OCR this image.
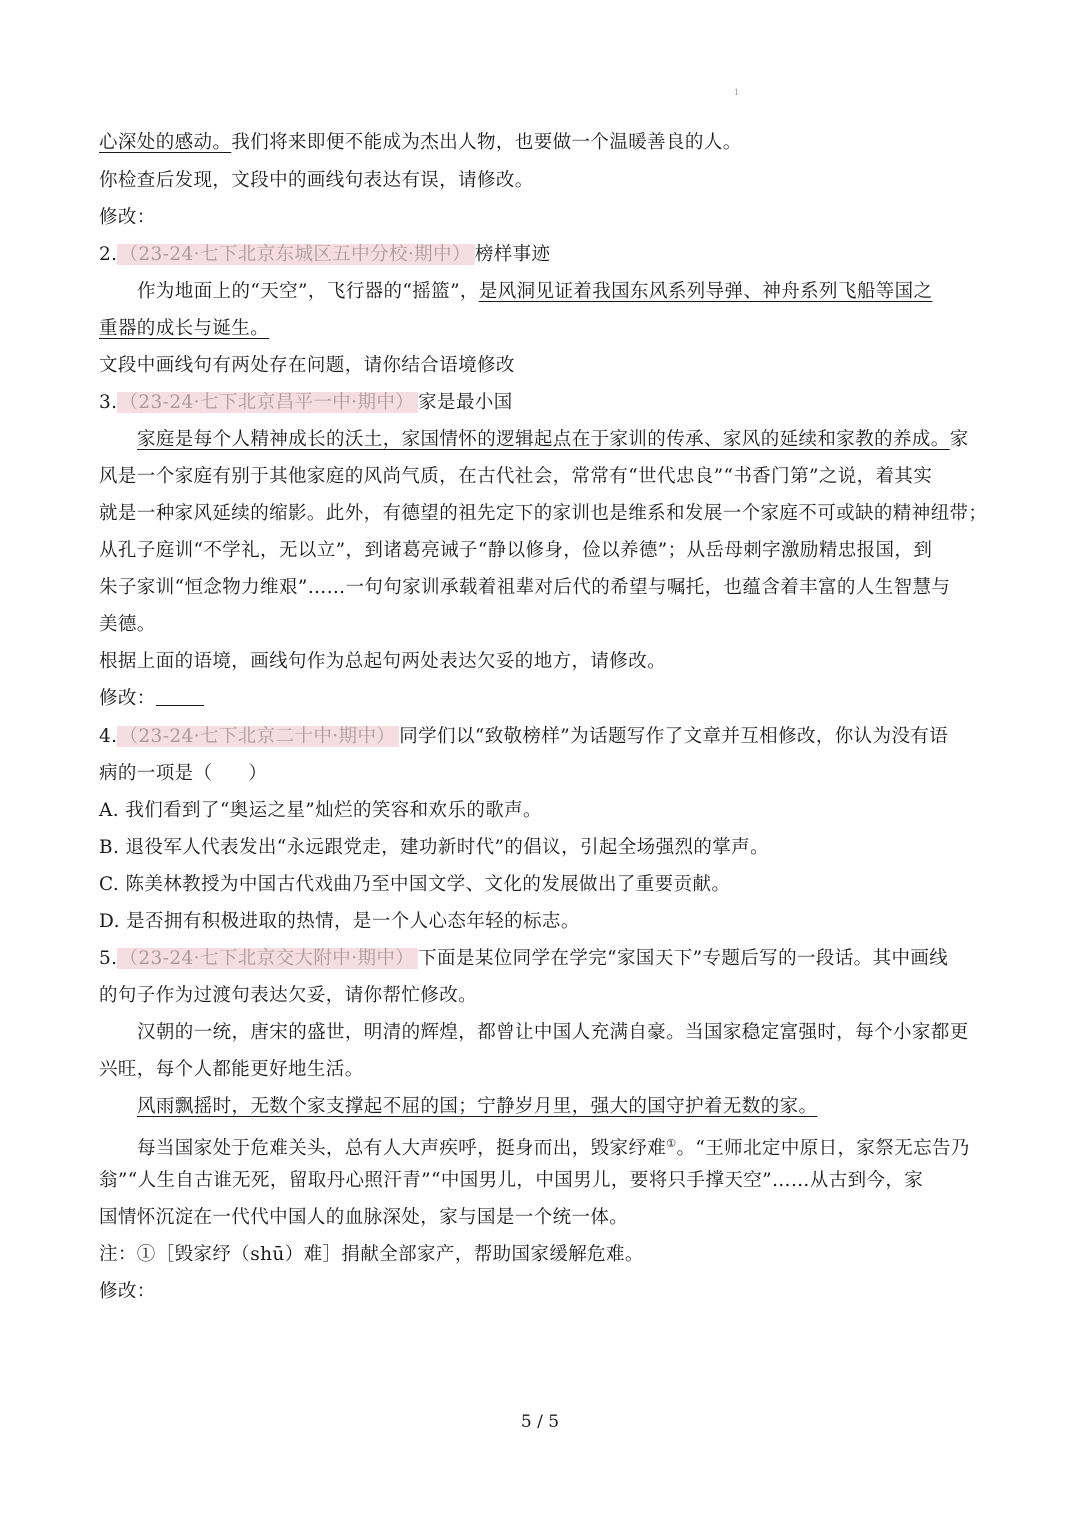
1
心深处的感动。我们将来即便不能成为杰出人物，也要做一个温暖善良的人。
你检查后发现，文段中的画线句表达有误，请修改。
修改：
2. （23-24·七下北京东城区五中分校·期中） 榜样事迹
作为地面上的“天空”，飞行器的“摇篮”，是风洞见证着我国东风系列导弹、神舟系列飞船等国之
重器的成长与诞生。
文段中画线句有两处存在问题，请你结合语境修改
3. （23-24·七下北京昌平一中·期中） 家是最小国
家庭是每个人精神成长的沃土，家国情怀的逻辑起点在于家训的传承、家风的延续和家教的养成。家
风是一个家庭有别于其他家庭的风尚气质，在古代社会，常常有“世代忠良”“书香门第”之说，着其实
就是一种家风延续的缩影。此外，有德望的祖先定下的家训也是维系和发展一个家庭不可或缺的精神纽带；
从孔子庭训“不学礼，无以立”，到诸葛亮诫子“静以修身，俭以养德”；从岳母刺字激励精忠报国，到
朱子家训“恒念物力维艰”……一句句家训承载着祖辈对后代的希望与嘱托，也蕴含着丰富的人生智慧与
美德。
根据上面的语境，画线句作为总起句两处表达欠妥的地方，请修改。
修改：
4. （23-24·七下北京二十中·期中） 同学们以“致敬榜样”为话题写作了文章并互相修改，你认为没有语
病的一项是（ ）
A. 我们看到了“奥运之星”灿烂的笑容和欢乐的歌声。
B. 退役军人代表发出“永远跟党走，建功新时代”的倡议，引起全场强烈的掌声。
C. 陈美林教授为中国古代戏曲乃至中国文学、文化的发展做出了重要贡献。
D. 是否拥有积极进取的热情，是一个人心态年轻的标志。
5. （23-24·七下北京交大附中·期中） 下面是某位同学在学完“家国天下”专题后写的一段话。其中画线
的句子作为过渡句表达欠妥，请你帮忙修改。
汉朝的一统，唐宋的盛世，明清的辉煌，都曾让中国人充满自豪。当国家稳定富强时，每个小家都更
兴旺，每个人都能更好地生活。
风雨飘摇时，无数个家支撑起不屈的国；宁静岁月里，强大的国守护着无数的家。
每当国家处于危难关头，总有人大声疾呼，挺身而出，毁家纾难①。“王师北定中原日，家祭无忘告乃
翁”“人生自古谁无死，留取丹心照汗青”“中国男儿，中国男儿，要将只手撑天空”……从古到今，家
国情怀沉淀在一代代中国人的血脉深处，家与国是一个统一体。
注：①［毁家纾（shū）难］捐献全部家产，帮助国家缓解危难。
修改：
5 / 5
